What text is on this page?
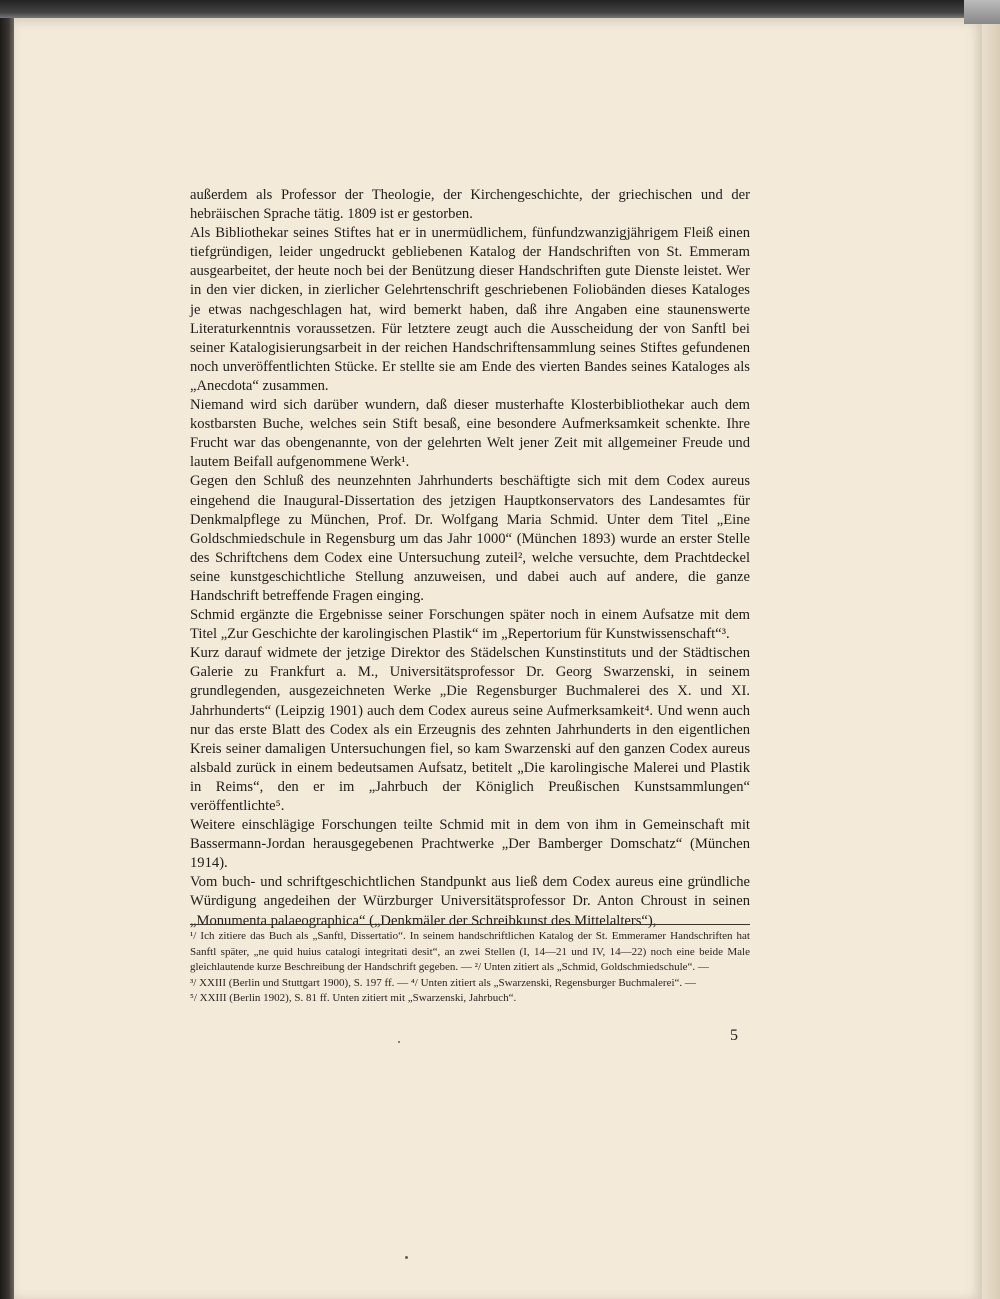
außerdem als Professor der Theologie, der Kirchengeschichte, der griechischen und der hebräischen Sprache tätig. 1809 ist er gestorben.

Als Bibliothekar seines Stiftes hat er in unermüdlichem, fünfundzwanzigjährigem Fleiß einen tiefgründigen, leider ungedruckt gebliebenen Katalog der Handschriften von St. Emmeram ausgearbeitet, der heute noch bei der Benützung dieser Handschriften gute Dienste leistet. Wer in den vier dicken, in zierlicher Gelehrtenschrift geschriebenen Foliobänden dieses Kataloges je etwas nachgeschlagen hat, wird bemerkt haben, daß ihre Angaben eine staunenswerte Literaturkenntnis voraussetzen. Für letztere zeugt auch die Ausscheidung der von Sanftl bei seiner Katalogisierungsarbeit in der reichen Handschriftensammlung seines Stiftes gefundenen noch unveröffentlichten Stücke. Er stellte sie am Ende des vierten Bandes seines Kataloges als „Anecdota“ zusammen.

Niemand wird sich darüber wundern, daß dieser musterhafte Klosterbibliothekar auch dem kostbarsten Buche, welches sein Stift besaß, eine besondere Aufmerksamkeit schenkte. Ihre Frucht war das obengenannte, von der gelehrten Welt jener Zeit mit allgemeiner Freude und lautem Beifall aufgenommene Werk¹.

Gegen den Schluß des neunzehnten Jahrhunderts beschäftigte sich mit dem Codex aureus eingehend die Inaugural-Dissertation des jetzigen Hauptkonservators des Landesamtes für Denkmalpflege zu München, Prof. Dr. Wolfgang Maria Schmid. Unter dem Titel „Eine Goldschmiedschule in Regensburg um das Jahr 1000“ (München 1893) wurde an erster Stelle des Schriftchens dem Codex eine Untersuchung zuteil², welche versuchte, dem Prachtdeckel seine kunstgeschichtliche Stellung anzuweisen, und dabei auch auf andere, die ganze Handschrift betreffende Fragen einging.

Schmid ergänzte die Ergebnisse seiner Forschungen später noch in einem Aufsatze mit dem Titel „Zur Geschichte der karolingischen Plastik“ im „Repertorium für Kunstwissenschaft“³.

Kurz darauf widmete der jetzige Direktor des Städelschen Kunstinstituts und der Städtischen Galerie zu Frankfurt a. M., Universitätsprofessor Dr. Georg Swarzenski, in seinem grundlegenden, ausgezeichneten Werke „Die Regensburger Buchmalerei des X. und XI. Jahrhunderts“ (Leipzig 1901) auch dem Codex aureus seine Aufmerksamkeit⁴. Und wenn auch nur das erste Blatt des Codex als ein Erzeugnis des zehnten Jahrhunderts in den eigentlichen Kreis seiner damaligen Untersuchungen fiel, so kam Swarzenski auf den ganzen Codex aureus alsbald zurück in einem bedeutsamen Aufsatz, betitelt „Die karolingische Malerei und Plastik in Reims“, den er im „Jahrbuch der Königlich Preußischen Kunstsammlungen“ veröffentlichte⁵.

Weitere einschlägige Forschungen teilte Schmid mit in dem von ihm in Gemeinschaft mit Bassermann-Jordan herausgegebenen Prachtwerke „Der Bamberger Domschatz“ (München 1914).

Vom buch- und schriftgeschichtlichen Standpunkt aus ließ dem Codex aureus eine gründliche Würdigung angedeihen der Würzburger Universitätsprofessor Dr. Anton Chroust in seinen „Monumenta palaeographica“ („Denkmäler der Schreibkunst des Mittelalters“),

¹/ Ich zitiere das Buch als „Sanftl, Dissertatio“. In seinem handschriftlichen Katalog der St. Emmeramer Handschriften hat Sanftl später, „ne quid huius catalogi integritati desit“, an zwei Stellen (I, 14—21 und IV, 14—22) noch eine beide Male gleichlautende kurze Beschreibung der Handschrift gegeben. — ²/ Unten zitiert als „Schmid, Goldschmiedschule“. —

³/ XXIII (Berlin und Stuttgart 1900), S. 197 ff. — ⁴/ Unten zitiert als „Swarzenski, Regensburger Buchmalerei“. —

⁵/ XXIII (Berlin 1902), S. 81 ff. Unten zitiert mit „Swarzenski, Jahrbuch“.

5
